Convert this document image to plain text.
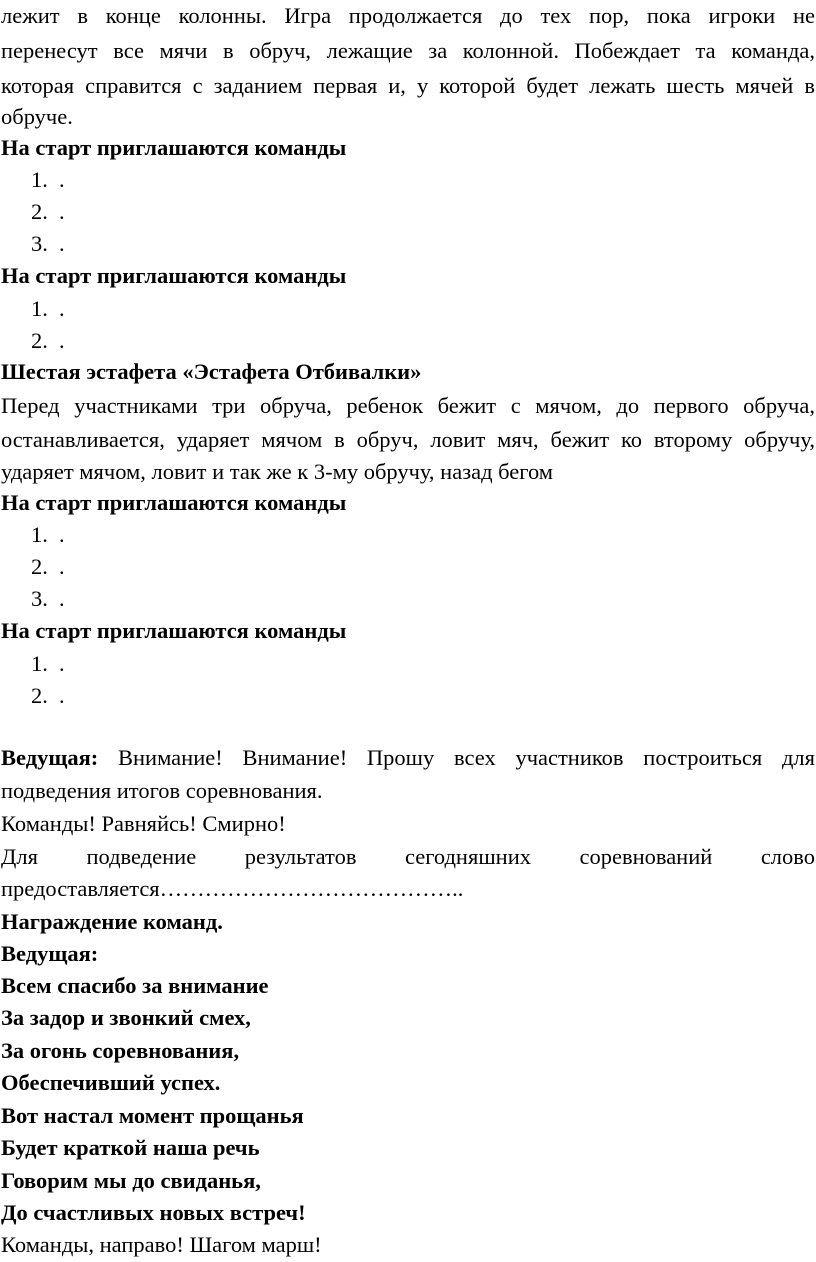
лежит в конце колонны. Игра продолжается до тех пор, пока игроки не
перенесут все мячи в обруч, лежащие за колонной. Побеждает та команда,
которая справится с заданием первая и, у которой будет лежать шесть мячей в
обруче.
На старт приглашаются команды
1. .
2. .
3. .
На старт приглашаются команды
1. .
2. .
Шестая эстафета «Эстафета Отбивалки»
Перед участниками три обруча, ребенок бежит с мячом, до первого обруча,
останавливается, ударяет мячом в обруч, ловит мяч, бежит ко второму обручу,
ударяет мячом, ловит и так же к 3-му обручу, назад бегом
На старт приглашаются команды
1. .
2. .
3. .
На старт приглашаются команды
1. .
2. .
Ведущая: Внимание! Внимание! Прошу всех участников построиться для
подведения итогов соревнования.
Команды! Равняйсь! Смирно!
Для подведение результатов сегодняшних соревнований слово
предоставляется…………………………………..
Награждение команд.
Ведущая:
Всем спасибо за внимание
За задор и звонкий смех,
За огонь соревнования,
Обеспечивший успех.
Вот настал момент прощанья
Будет краткой наша речь
Говорим мы до свиданья,
До счастливых новых встреч!
Команды, направо! Шагом марш!
